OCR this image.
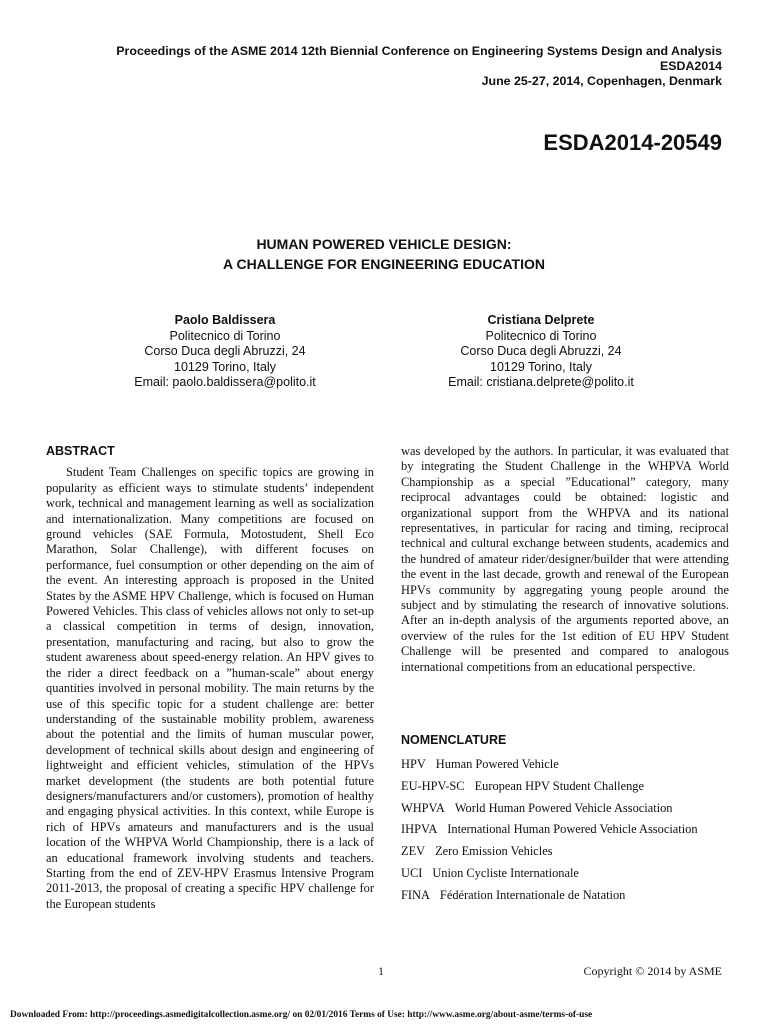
Proceedings of the ASME 2014 12th Biennial Conference on Engineering Systems Design and Analysis
ESDA2014
June 25-27, 2014, Copenhagen, Denmark
ESDA2014-20549
HUMAN POWERED VEHICLE DESIGN:
A CHALLENGE FOR ENGINEERING EDUCATION
Paolo Baldissera
Politecnico di Torino
Corso Duca degli Abruzzi, 24
10129 Torino, Italy
Email: paolo.baldissera@polito.it
Cristiana Delprete
Politecnico di Torino
Corso Duca degli Abruzzi, 24
10129 Torino, Italy
Email: cristiana.delprete@polito.it
ABSTRACT

Student Team Challenges on specific topics are growing in popularity as efficient ways to stimulate students’ independent work, technical and management learning as well as socialization and internationalization. Many competitions are focused on ground vehicles (SAE Formula, Motostudent, Shell Eco Marathon, Solar Challenge), with different focuses on performance, fuel consumption or other depending on the aim of the event. An interesting approach is proposed in the United States by the ASME HPV Challenge, which is focused on Human Powered Vehicles. This class of vehicles allows not only to set-up a classical competition in terms of design, innovation, presentation, manufacturing and racing, but also to grow the student awareness about speed-energy relation. An HPV gives to the rider a direct feedback on a ”human-scale” about energy quantities involved in personal mobility. The main returns by the use of this specific topic for a student challenge are: better understanding of the sustainable mobility problem, awareness about the potential and the limits of human muscular power, development of technical skills about design and engineering of lightweight and efficient vehicles, stimulation of the HPVs market development (the students are both potential future designers/manufacturers and/or customers), promotion of healthy and engaging physical activities. In this context, while Europe is rich of HPVs amateurs and manufacturers and is the usual location of the WHPVA World Championship, there is a lack of an educational framework involving students and teachers. Starting from the end of ZEV-HPV Erasmus Intensive Program 2011-2013, the proposal of creating a specific HPV challenge for the European students

was developed by the authors. In particular, it was evaluated that by integrating the Student Challenge in the WHPVA World Championship as a special ”Educational” category, many reciprocal advantages could be obtained: logistic and organizational support from the WHPVA and its national representatives, in particular for racing and timing, reciprocal technical and cultural exchange between students, academics and the hundred of amateur rider/designer/builder that were attending the event in the last decade, growth and renewal of the European HPVs community by aggregating young people around the subject and by stimulating the research of innovative solutions. After an in-depth analysis of the arguments reported above, an overview of the rules for the 1st edition of EU HPV Student Challenge will be presented and compared to analogous international competitions from an educational perspective.

NOMENCLATURE
HPV Human Powered Vehicle
EU-HPV-SC European HPV Student Challenge
WHPVA World Human Powered Vehicle Association
IHPVA International Human Powered Vehicle Association
ZEV Zero Emission Vehicles
UCI Union Cycliste Internationale
FINA Fédération Internationale de Natation
1	Copyright © 2014 by ASME
Downloaded From: http://proceedings.asmedigitalcollection.asme.org/ on 02/01/2016 Terms of Use: http://www.asme.org/about-asme/terms-of-use
